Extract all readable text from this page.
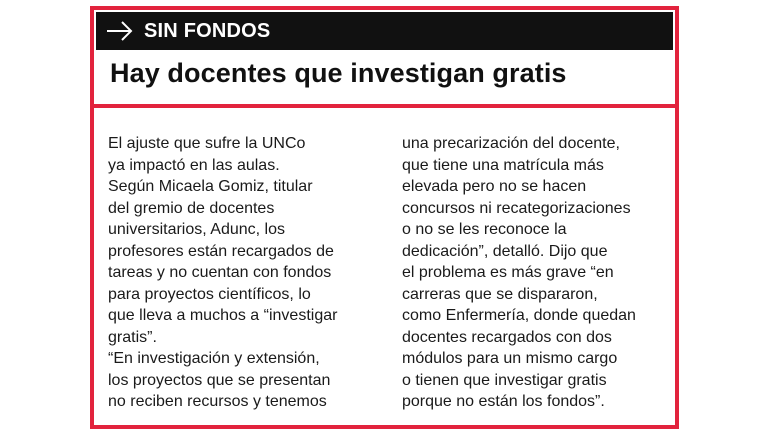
SIN FONDOS
Hay docentes que investigan gratis

El ajuste que sufre la UNCo
ya impactó en las aulas.
Según Micaela Gomiz, titular
del gremio de docentes
universitarios, Adunc, los
profesores están recargados de
tareas y no cuentan con fondos
para proyectos científicos, lo
que lleva a muchos a “investigar
gratis”.
“En investigación y extensión,
los proyectos que se presentan
no reciben recursos y tenemos

una precarización del docente,
que tiene una matrícula más
elevada pero no se hacen
concursos ni recategorizaciones
o no se les reconoce la
dedicación”, detalló. Dijo que
el problema es más grave “en
carreras que se dispararon,
como Enfermería, donde quedan
docentes recargados con dos
módulos para un mismo cargo
o tienen que investigar gratis
porque no están los fondos”.
